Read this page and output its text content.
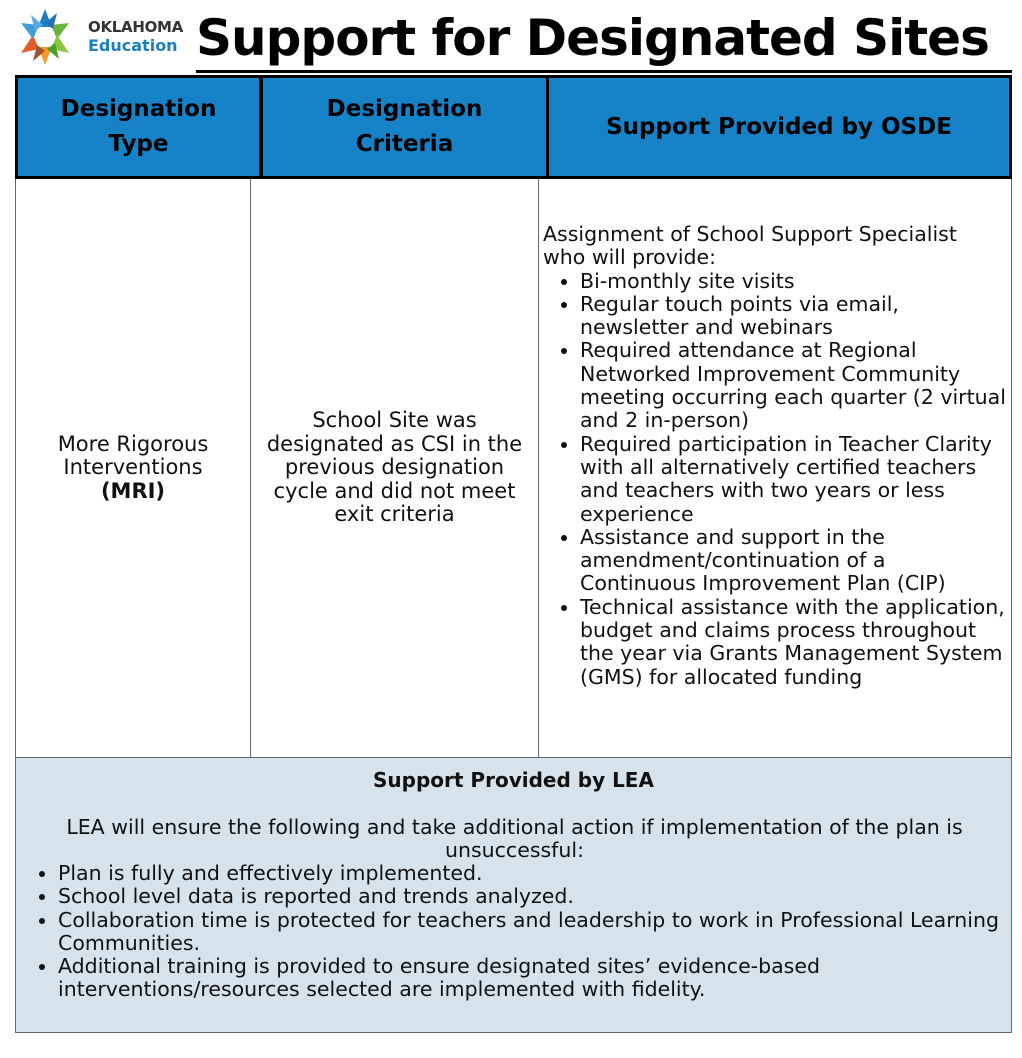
OKLAHOMA
Education Support for Designated Sites
Designation Type
Designation Criteria
Support Provided by OSDE
More Rigorous
Interventions
(MRI)
School Site was designated as CSI in the previous designation cycle and did not meet exit criteria
Assignment of School Support Specialist who will provide:
• Bi-monthly site visits
• Regular touch points via email, newsletter and webinars
• Required attendance at Regional Networked Improvement Community meeting occurring each quarter (2 virtual and 2 in-person)
• Required participation in Teacher Clarity with all alternatively certified teachers and teachers with two years or less experience
• Assistance and support in the amendment/continuation of a Continuous Improvement Plan (CIP)
• Technical assistance with the application, budget and claims process throughout the year via Grants Management System (GMS) for allocated funding
Support Provided by LEA
LEA will ensure the following and take additional action if implementation of the plan is unsuccessful:
• Plan is fully and effectively implemented.
• School level data is reported and trends analyzed.
• Collaboration time is protected for teachers and leadership to work in Professional Learning Communities.
• Additional training is provided to ensure designated sites’ evidence-based interventions/resources selected are implemented with fidelity.
